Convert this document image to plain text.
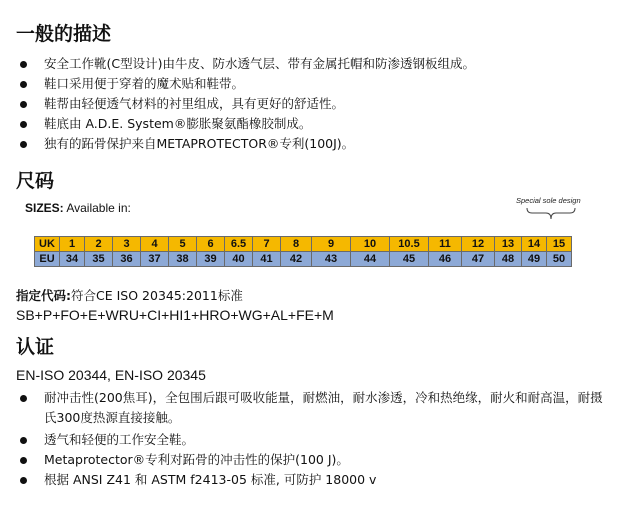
一般的描述
安全工作靴(C型设计)由牛皮、防水透气层、带有金属托帽和防渗透钢板组成。
鞋口采用便于穿着的魔术贴和鞋带。
鞋帮由轻便透气材料的衬里组成，具有更好的舒适性。
鞋底由 A.D.E. System®膨胀聚氨酯橡胶制成。
独有的跖骨保护来自METAPROTECTOR®专利(100J)。
尺码
SIZES: Available in:
Special sole design
UK	1	2	3	4	5	6	6.5	7	8	9	10	10.5	11	12	13	14	15
EU	34	35	36	37	38	39	40	41	42	43	44	45	46	47	48	49	50
指定代码:符合CE ISO 20345:2011标准
SB+P+FO+E+WRU+CI+HI1+HRO+WG+AL+FE+M
认证
EN-ISO 20344, EN-ISO 20345
耐冲击性(200焦耳)，全包围后跟可吸收能量，耐燃油，耐水渗透，冷和热绝缘，耐火和耐高温，耐摄氏300度热源直接接触。
透气和轻便的工作安全鞋。
Metaprotector®专利对跖骨的冲击性的保护(100 J)。
根据 ANSI Z41 和 ASTM f2413-05 标准, 可防护 18000 v
